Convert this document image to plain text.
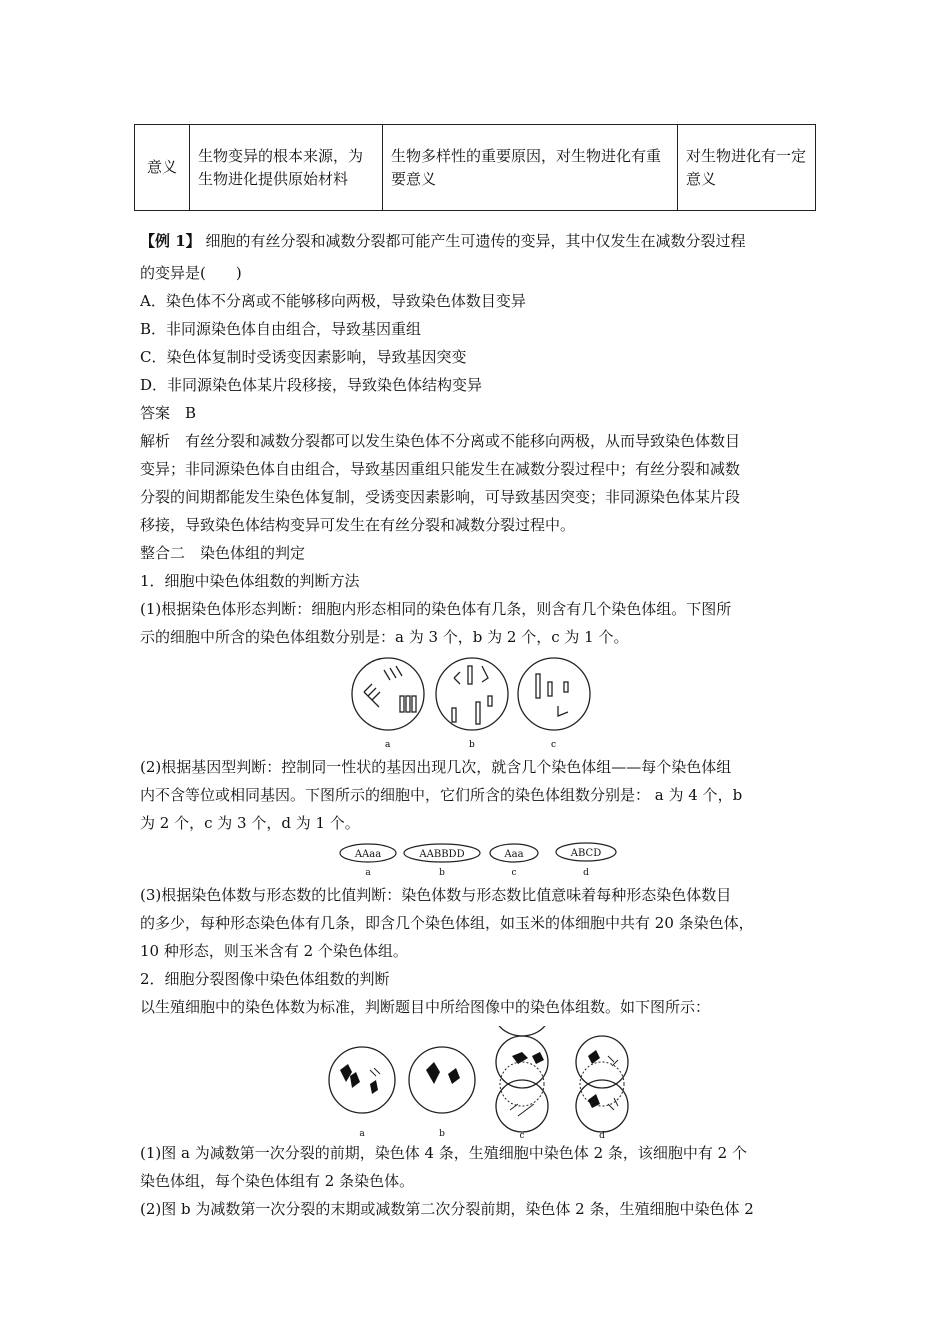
意义	生物变异的根本来源，为生物进化提供原始材料	生物多样性的重要原因，对生物进化有重要意义	对生物进化有一定意义
【例 1】 细胞的有丝分裂和减数分裂都可能产生可遗传的变异，其中仅发生在减数分裂过程
的变异是(　　)
A．染色体不分离或不能够移向两极，导致染色体数目变异
B．非同源染色体自由组合，导致基因重组
C．染色体复制时受诱变因素影响，导致基因突变
D．非同源染色体某片段移接，导致染色体结构变异
答案　B
解析　有丝分裂和减数分裂都可以发生染色体不分离或不能移向两极，从而导致染色体数目
变异；非同源染色体自由组合，导致基因重组只能发生在减数分裂过程中；有丝分裂和减数
分裂的间期都能发生染色体复制，受诱变因素影响，可导致基因突变；非同源染色体某片段
移接，导致染色体结构变异可发生在有丝分裂和减数分裂过程中。
整合二　染色体组的判定
1．细胞中染色体组数的判断方法
(1)根据染色体形态判断：细胞内形态相同的染色体有几条，则含有几个染色体组。下图所
示的细胞中所含的染色体组数分别是：a 为 3 个，b 为 2 个，c 为 1 个。
a	b	c
(2)根据基因型判断：控制同一性状的基因出现几次，就含几个染色体组——每个染色体组
内不含等位或相同基因。下图所示的细胞中，它们所含的染色体组数分别是： a 为 4 个，b
为 2 个，c 为 3 个，d 为 1 个。
AAaa	AABBDD	Aaa	ABCD
a	b	c	d
(3)根据染色体数与形态数的比值判断：染色体数与形态数比值意味着每种形态染色体数目
的多少，每种形态染色体有几条，即含几个染色体组，如玉米的体细胞中共有 20 条染色体，
10 种形态，则玉米含有 2 个染色体组。
2．细胞分裂图像中染色体组数的判断
以生殖细胞中的染色体数为标准，判断题目中所给图像中的染色体组数。如下图所示：
a	b	c	d
(1)图 a 为减数第一次分裂的前期，染色体 4 条，生殖细胞中染色体 2 条，该细胞中有 2 个
染色体组，每个染色体组有 2 条染色体。
(2)图 b 为减数第一次分裂的末期或减数第二次分裂前期，染色体 2 条，生殖细胞中染色体 2
